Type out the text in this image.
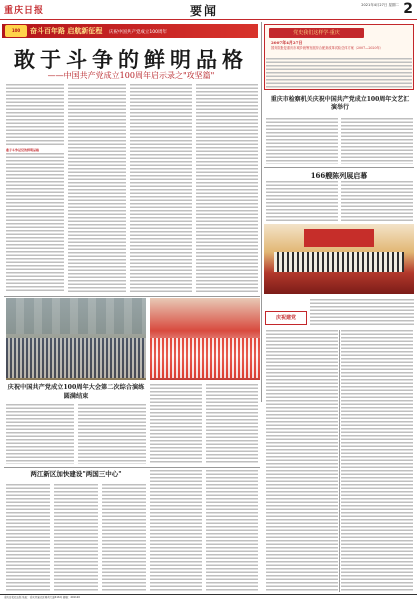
重庆日报	要闻	2021年4月27日 星期二 2
100	奋斗百年路 启航新征程 庆祝中国共产党成立100周年
敢于斗争的鲜明品格
——中国共产党成立100周年启示录之"攻坚篇"
敢于斗争是党的鲜明品格
党史我们这样学·重庆
2007年4月27日
国务院批复重庆市城乡统筹发展综合配套改革试验总体方案（2007—2020年）
重庆市检察机关庆祝中国共产党成立100周年文艺汇演举行
166艘陈列展启幕
庆祝建党
庆祝中国共产党成立100周年大会第二次综合演练圆满结束
两江新区加快建设"两国三中心"
重庆日报社出版 地址：重庆市渝北区同茂大道416号 邮编：401120
